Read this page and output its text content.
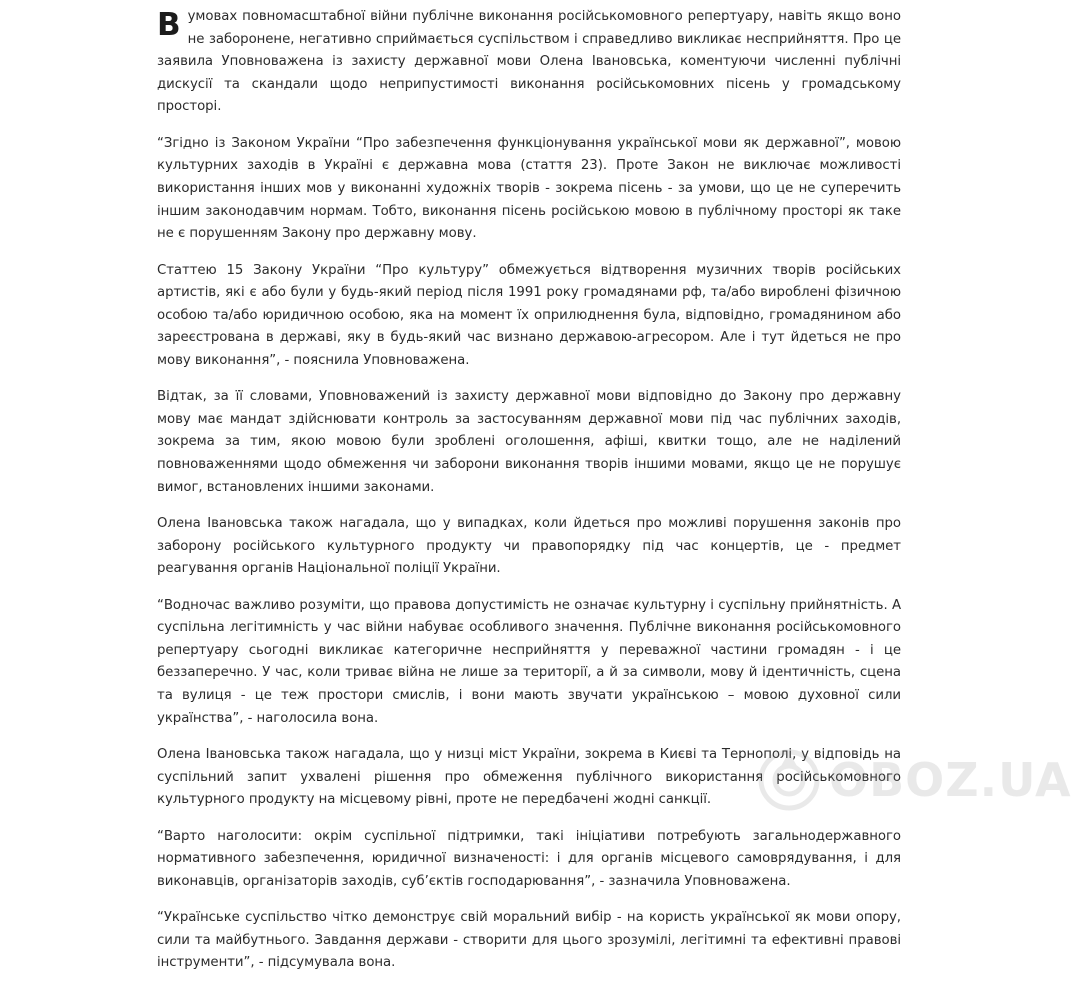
Вумовах повномасштабної війни публічне виконання російськомовного репертуару, навіть якщо воно не заборонене, негативно сприймається суспільством і справедливо викликає несприйняття. Про це заявила Уповноважена із захисту державної мови Олена Івановська, коментуючи численні публічні дискусії та скандали щодо неприпустимості виконання російськомовних пісень у громадському просторі.

“Згідно із Законом України “Про забезпечення функціонування української мови як державної”, мовою культурних заходів в Україні є державна мова (стаття 23). Проте Закон не виключає можливості використання інших мов у виконанні художніх творів - зокрема пісень - за умови, що це не суперечить іншим законодавчим нормам. Тобто, виконання пісень російською мовою в публічному просторі як таке не є порушенням Закону про державну мову.

Статтею 15 Закону України “Про культуру” обмежується відтворення музичних творів російських артистів, які є або були у будь-який період після 1991 року громадянами рф, та/або вироблені фізичною особою та/або юридичною особою, яка на момент їх оприлюднення була, відповідно, громадянином або зареєстрована в державі, яку в будь-який час визнано державою-агресором. Але і тут йдеться не про мову виконання”, - пояснила Уповноважена.

Відтак, за її словами, Уповноважений із захисту державної мови відповідно до Закону про державну мову має мандат здійснювати контроль за застосуванням державної мови під час публічних заходів, зокрема за тим, якою мовою були зроблені оголошення, афіші, квитки тощо, але не наділений повноваженнями щодо обмеження чи заборони виконання творів іншими мовами, якщо це не порушує вимог, встановлених іншими законами.

Олена Івановська також нагадала, що у випадках, коли йдеться про можливі порушення законів про заборону російського культурного продукту чи правопорядку під час концертів, це - предмет реагування органів Національної поліції України.

“Водночас важливо розуміти, що правова допустимість не означає культурну і суспільну прийнятність. А суспільна легітимність у час війни набуває особливого значення. Публічне виконання російськомовного репертуару сьогодні викликає категоричне несприйняття у переважної частини громадян - і це беззаперечно. У час, коли триває війна не лише за території, а й за символи, мову й ідентичність, сцена та вулиця - це теж простори смислів, і вони мають звучати українською – мовою духовної сили українства”, - наголосила вона.

Олена Івановська також нагадала, що у низці міст України, зокрема в Києві та Тернополі, у відповідь на суспільний запит ухвалені рішення про обмеження публічного використання російськомовного культурного продукту на місцевому рівні, проте не передбачені жодні санкції.

“Варто наголосити: окрім суспільної підтримки, такі ініціативи потребують загальнодержавного нормативного забезпечення, юридичної визначеності: і для органів місцевого самоврядування, і для виконавців, організаторів заходів, суб’єктів господарювання”, - зазначила Уповноважена.

“Українське суспільство чітко демонструє свій моральний вибір - на користь української як мови опору, сили та майбутнього. Завдання держави - створити для цього зрозумілі, легітимні та ефективні правові інструменти”, - підсумувала вона.

OBOZ.UA
